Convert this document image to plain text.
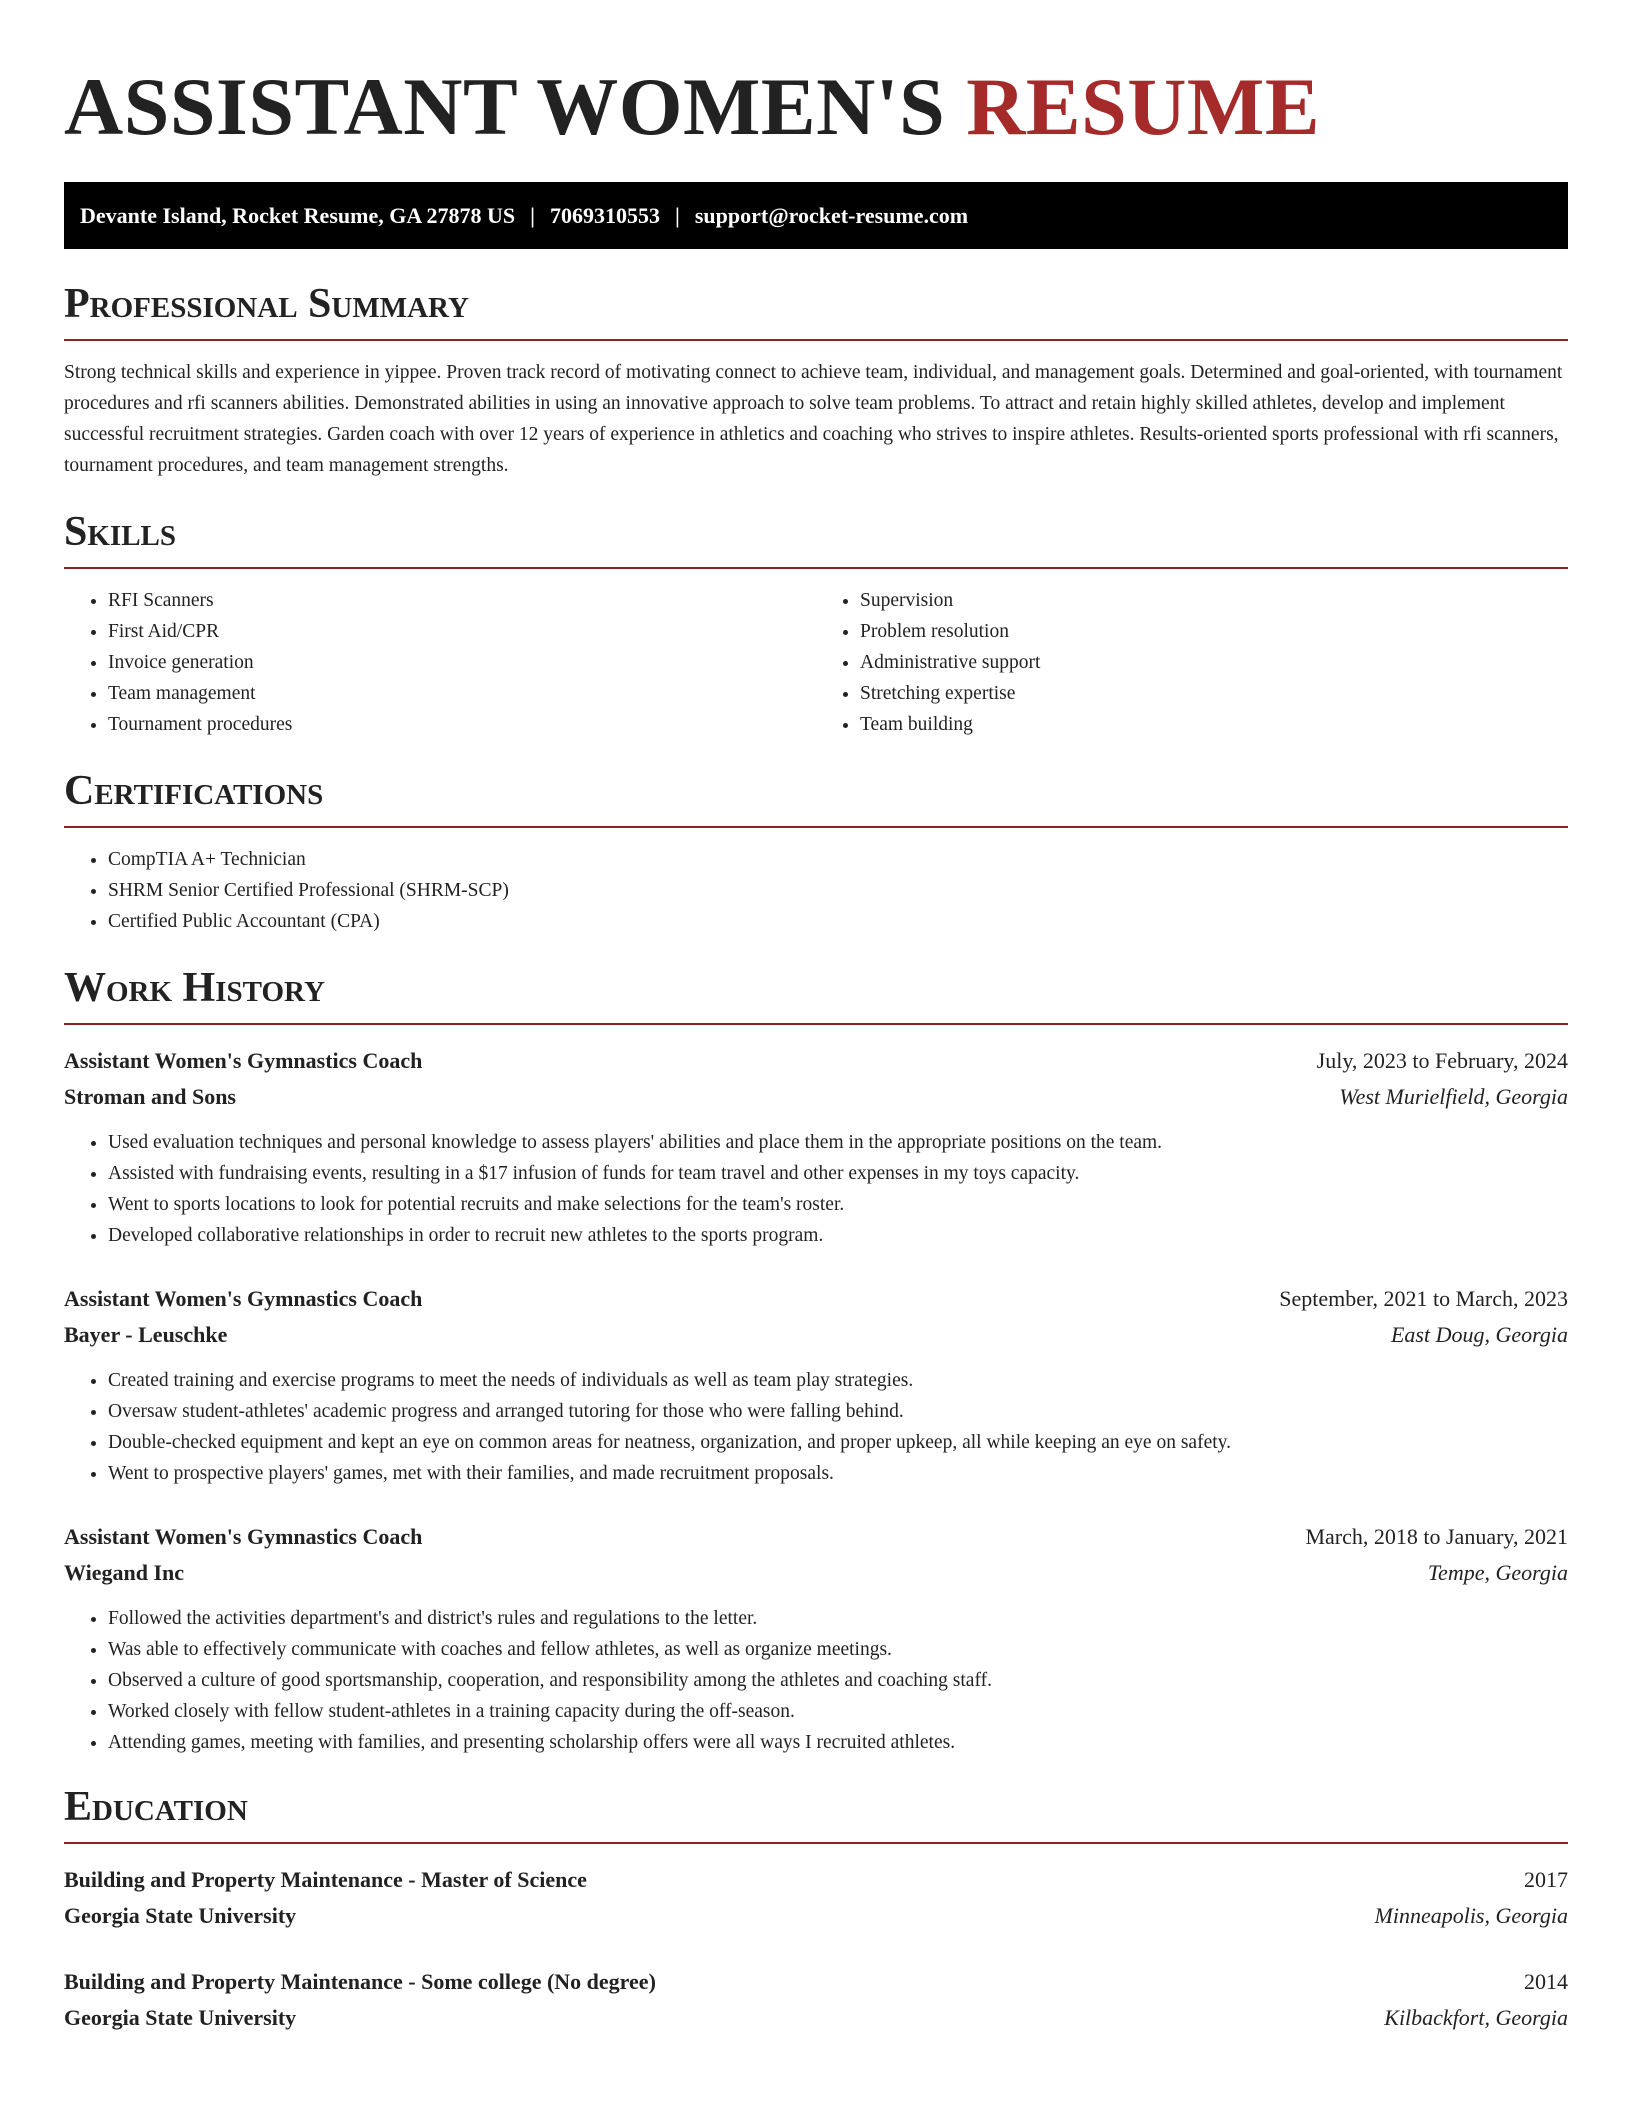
ASSISTANT WOMEN'S RESUME
Devante Island, Rocket Resume, GA 27878 US | 7069310553 | support@rocket-resume.com
Professional Summary

Strong technical skills and experience in yippee. Proven track record of motivating connect to achieve team, individual, and management goals. Determined and goal-oriented, with tournament procedures and rfi scanners abilities. Demonstrated abilities in using an innovative approach to solve team problems. To attract and retain highly skilled athletes, develop and implement successful recruitment strategies. Garden coach with over 12 years of experience in athletics and coaching who strives to inspire athletes. Results-oriented sports professional with rfi scanners, tournament procedures, and team management strengths.

Skills
• RFI Scanners
• First Aid/CPR
• Invoice generation
• Team management
• Tournament procedures
• Supervision
• Problem resolution
• Administrative support
• Stretching expertise
• Team building
Certifications
• CompTIA A+ Technician
• SHRM Senior Certified Professional (SHRM-SCP)
• Certified Public Accountant (CPA)
Work History
Assistant Women's Gymnastics Coach	July, 2023 to February, 2024
Stroman and Sons	West Murielfield, Georgia
• Used evaluation techniques and personal knowledge to assess players' abilities and place them in the appropriate positions on the team.
• Assisted with fundraising events, resulting in a $17 infusion of funds for team travel and other expenses in my toys capacity.
• Went to sports locations to look for potential recruits and make selections for the team's roster.
• Developed collaborative relationships in order to recruit new athletes to the sports program.
Assistant Women's Gymnastics Coach	September, 2021 to March, 2023
Bayer - Leuschke	East Doug, Georgia
• Created training and exercise programs to meet the needs of individuals as well as team play strategies.
• Oversaw student-athletes' academic progress and arranged tutoring for those who were falling behind.
• Double-checked equipment and kept an eye on common areas for neatness, organization, and proper upkeep, all while keeping an eye on safety.
• Went to prospective players' games, met with their families, and made recruitment proposals.
Assistant Women's Gymnastics Coach	March, 2018 to January, 2021
Wiegand Inc	Tempe, Georgia
• Followed the activities department's and district's rules and regulations to the letter.
• Was able to effectively communicate with coaches and fellow athletes, as well as organize meetings.
• Observed a culture of good sportsmanship, cooperation, and responsibility among the athletes and coaching staff.
• Worked closely with fellow student-athletes in a training capacity during the off-season.
• Attending games, meeting with families, and presenting scholarship offers were all ways I recruited athletes.
Education
Building and Property Maintenance - Master of Science	2017
Georgia State University	Minneapolis, Georgia
Building and Property Maintenance - Some college (No degree)	2014
Georgia State University	Kilbackfort, Georgia
